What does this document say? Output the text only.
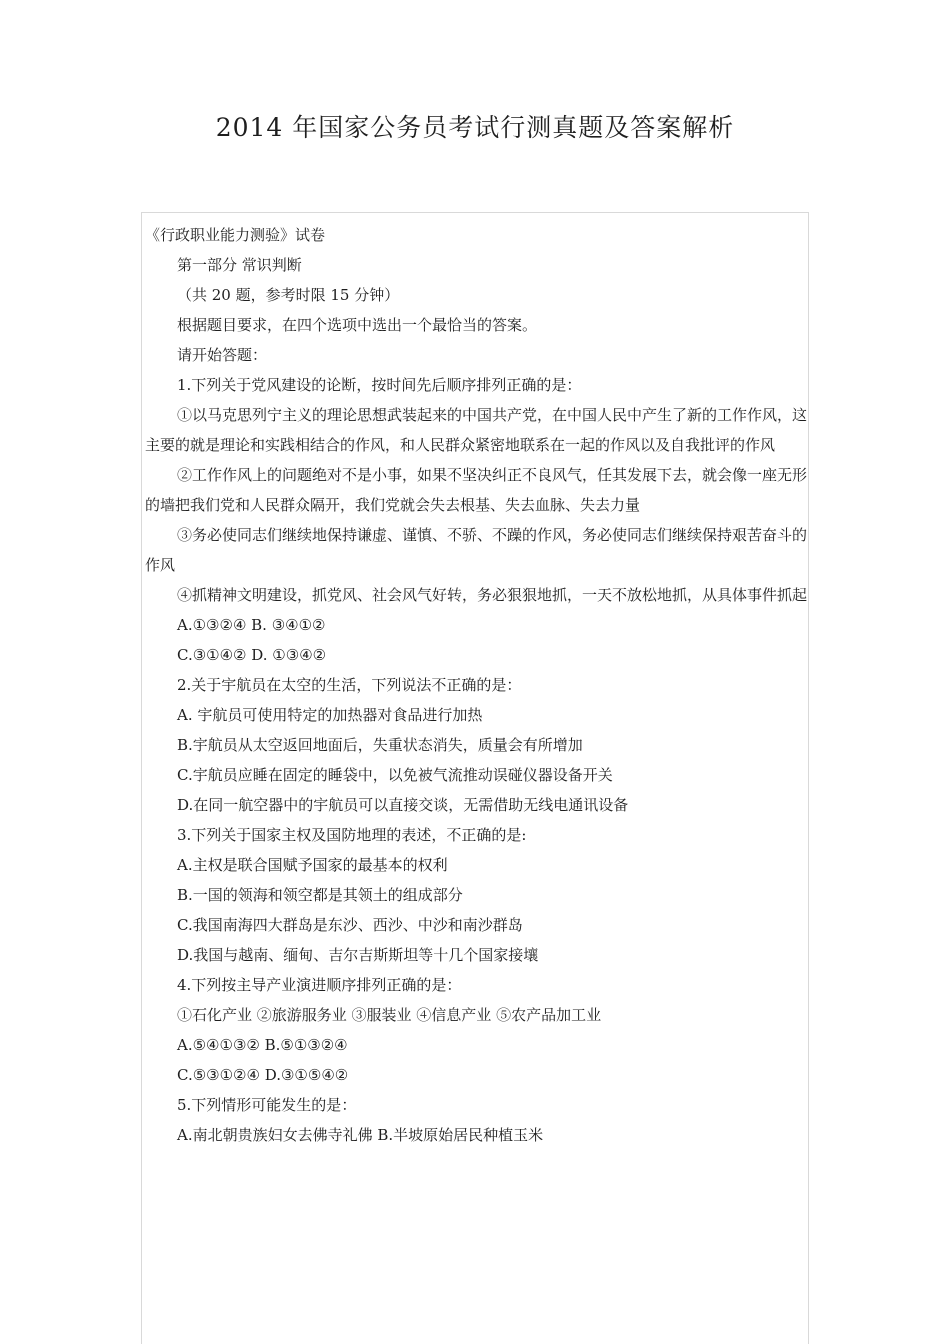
2014 年国家公务员考试行测真题及答案解析
《行政职业能力测验》试卷
第一部分 常识判断
（共 20 题，参考时限 15 分钟）
根据题目要求，在四个选项中选出一个最恰当的答案。
请开始答题：
1.下列关于党风建设的论断，按时间先后顺序排列正确的是：
①以马克思列宁主义的理论思想武装起来的中国共产党，在中国人民中产生了新的工作作风，这主要的就是理论和实践相结合的作风，和人民群众紧密地联系在一起的作风以及自我批评的作风
②工作作风上的问题绝对不是小事，如果不坚决纠正不良风气，任其发展下去，就会像一座无形的墙把我们党和人民群众隔开，我们党就会失去根基、失去血脉、失去力量
③务必使同志们继续地保持谦虚、谨慎、不骄、不躁的作风，务必使同志们继续保持艰苦奋斗的作风
④抓精神文明建设，抓党风、社会风气好转，务必狠狠地抓，一天不放松地抓，从具体事件抓起
A.①③②④ B. ③④①②
C.③①④② D. ①③④②
2.关于宇航员在太空的生活，下列说法不正确的是：
A. 宇航员可使用特定的加热器对食品进行加热
B.宇航员从太空返回地面后，失重状态消失，质量会有所增加
C.宇航员应睡在固定的睡袋中，以免被气流推动误碰仪器设备开关
D.在同一航空器中的宇航员可以直接交谈，无需借助无线电通讯设备
3.下列关于国家主权及国防地理的表述，不正确的是:
A.主权是联合国赋予国家的最基本的权利
B.一国的领海和领空都是其领土的组成部分
C.我国南海四大群岛是东沙、西沙、中沙和南沙群岛
D.我国与越南、缅甸、吉尔吉斯斯坦等十几个国家接壤
4.下列按主导产业演进顺序排列正确的是：
①石化产业 ②旅游服务业 ③服装业 ④信息产业 ⑤农产品加工业
A.⑤④①③② B.⑤①③②④
C.⑤③①②④ D.③①⑤④②
5.下列情形可能发生的是：
A.南北朝贵族妇女去佛寺礼佛 B.半坡原始居民种植玉米
